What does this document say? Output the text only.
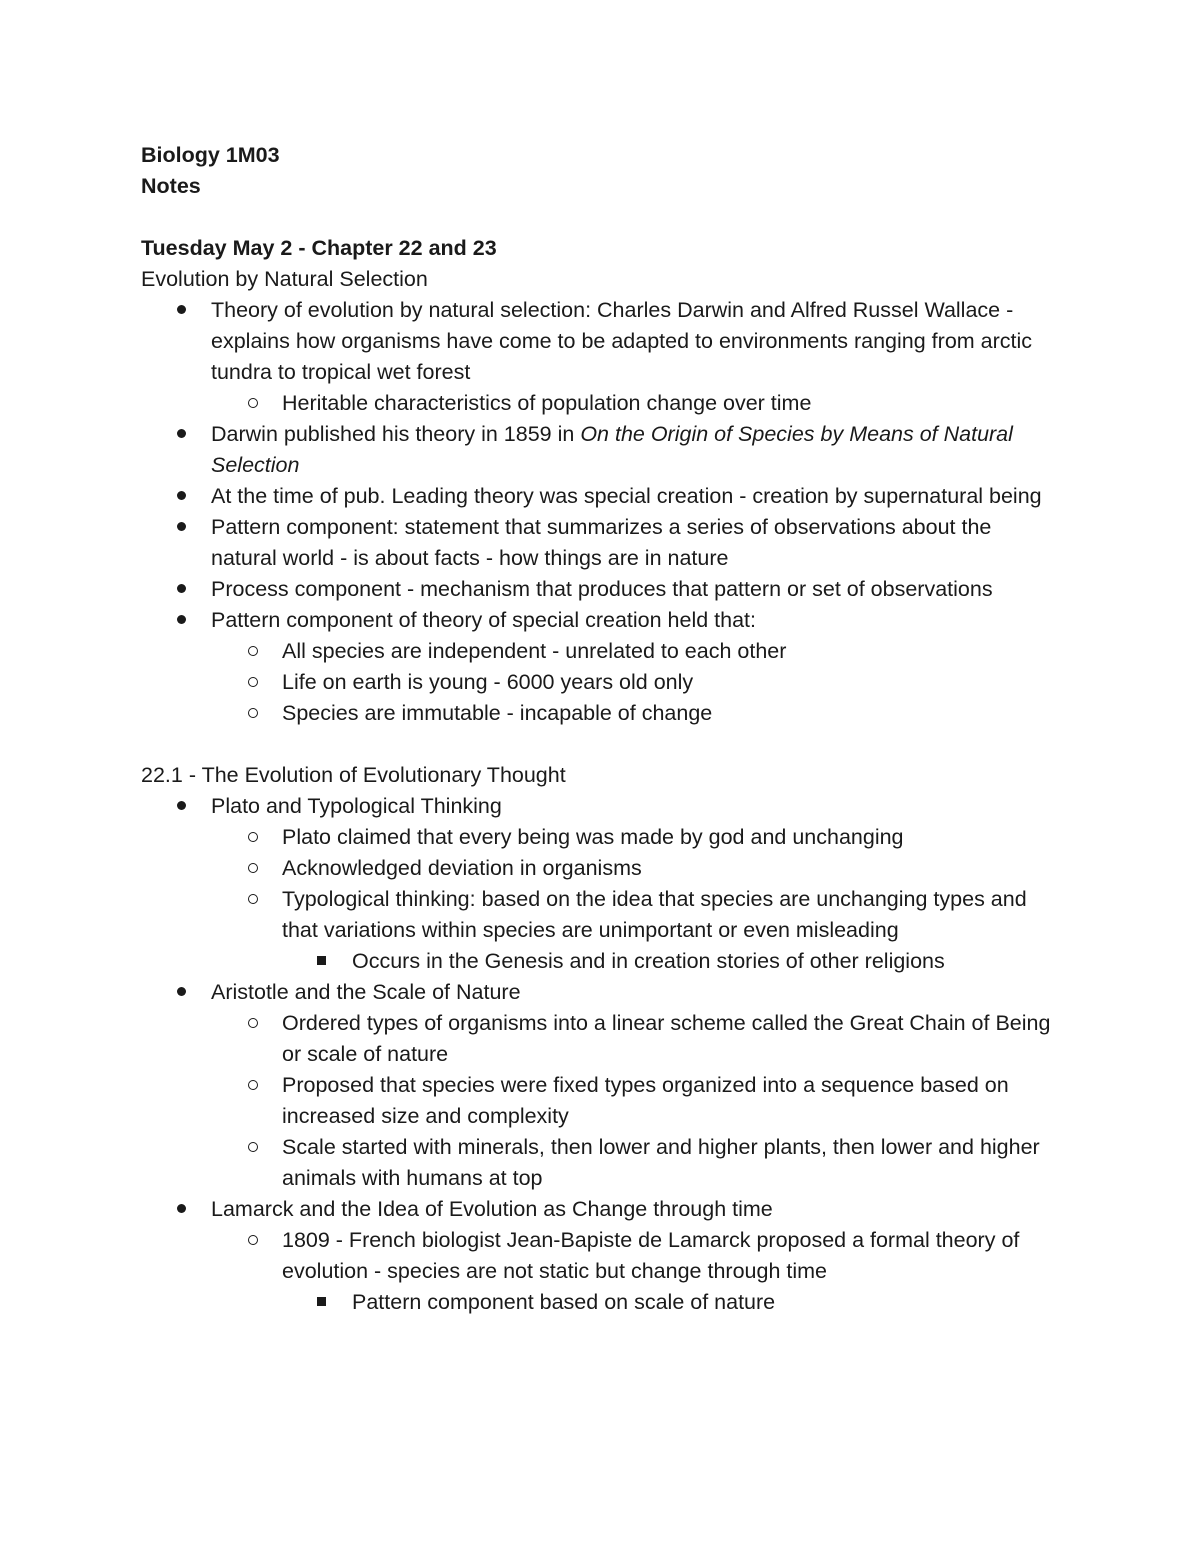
Biology 1M03

Notes

Tuesday May 2 - Chapter 22 and 23

Evolution by Natural Selection

Theory of evolution by natural selection: Charles Darwin and Alfred Russel Wallace - explains how organisms have come to be adapted to environments ranging from arctic tundra to tropical wet forest
Heritable characteristics of population change over time
Darwin published his theory in 1859 in On the Origin of Species by Means of Natural Selection
At the time of pub. Leading theory was special creation - creation by supernatural being
Pattern component: statement that summarizes a series of observations about the natural world - is about facts - how things are in nature
Process component - mechanism that produces that pattern or set of observations
Pattern component of theory of special creation held that:
All species are independent - unrelated to each other
Life on earth is young - 6000 years old only
Species are immutable - incapable of change

22.1 - The Evolution of Evolutionary Thought

Plato and Typological Thinking
Plato claimed that every being was made by god and unchanging
Acknowledged deviation in organisms
Typological thinking: based on the idea that species are unchanging types and that variations within species are unimportant or even misleading
Occurs in the Genesis and in creation stories of other religions
Aristotle and the Scale of Nature
Ordered types of organisms into a linear scheme called the Great Chain of Being or scale of nature
Proposed that species were fixed types organized into a sequence based on increased size and complexity
Scale started with minerals, then lower and higher plants, then lower and higher animals with humans at top
Lamarck and the Idea of Evolution as Change through time
1809 - French biologist Jean-Bapiste de Lamarck proposed a formal theory of evolution - species are not static but change through time
Pattern component based on scale of nature
